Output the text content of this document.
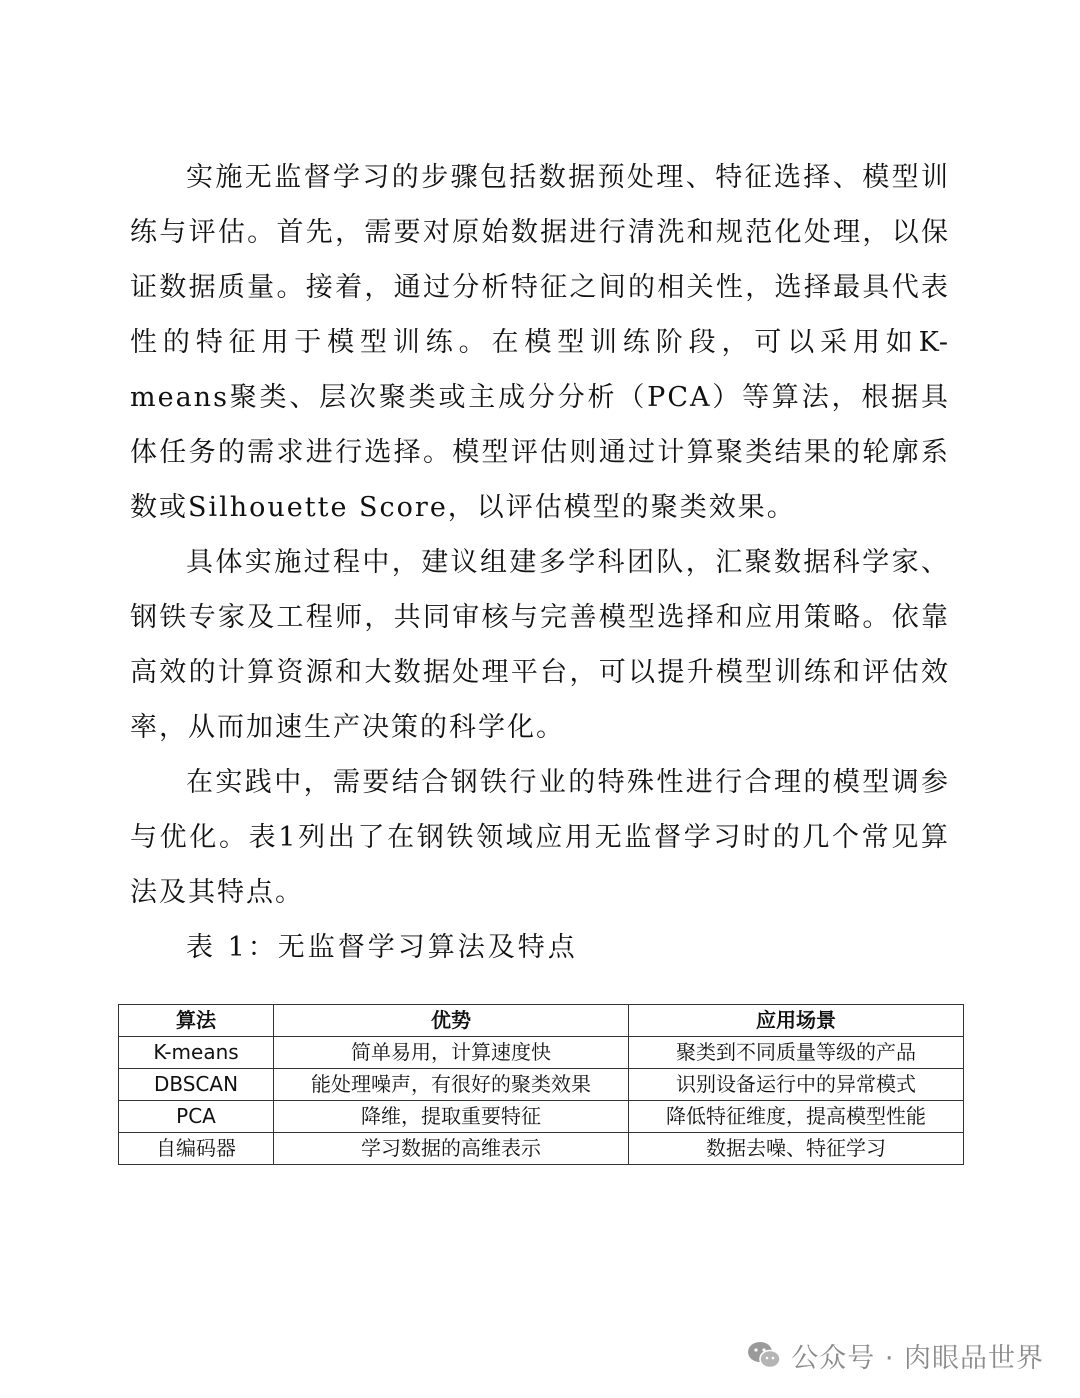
实施无监督学习的步骤包括数据预处理、特征选择、模型训练与评估。首先，需要对原始数据进行清洗和规范化处理，以保证数据质量。接着，通过分析特征之间的相关性，选择最具代表性的特征用于模型训练。在模型训练阶段，可以采用如K-means聚类、层次聚类或主成分分析（PCA）等算法，根据具体任务的需求进行选择。模型评估则通过计算聚类结果的轮廓系数或Silhouette Score，以评估模型的聚类效果。

具体实施过程中，建议组建多学科团队，汇聚数据科学家、钢铁专家及工程师，共同审核与完善模型选择和应用策略。依靠高效的计算资源和大数据处理平台，可以提升模型训练和评估效率，从而加速生产决策的科学化。

在实践中，需要结合钢铁行业的特殊性进行合理的模型调参与优化。表1列出了在钢铁领域应用无监督学习时的几个常见算法及其特点。

表 1：无监督学习算法及特点

算法	优势	应用场景
K-means	简单易用，计算速度快	聚类到不同质量等级的产品
DBSCAN	能处理噪声，有很好的聚类效果	识别设备运行中的异常模式
PCA	降维，提取重要特征	降低特征维度，提高模型性能
自编码器	学习数据的高维表示	数据去噪、特征学习
公众号 · 肉眼品世界
